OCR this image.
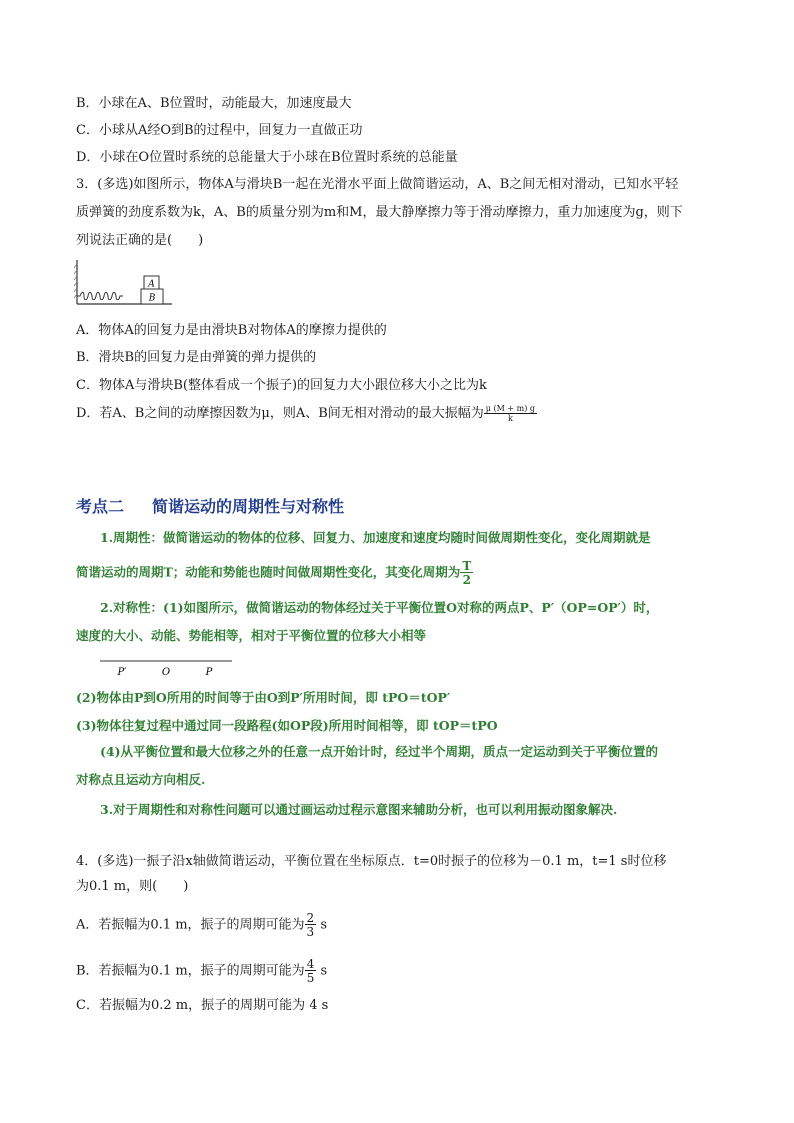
B．小球在A、B位置时，动能最大，加速度最大
C．小球从A经O到B的过程中，回复力一直做正功
D．小球在O位置时系统的总能量大于小球在B位置时系统的总能量
3．(多选)如图所示，物体A与滑块B一起在光滑水平面上做简谐运动，A、B之间无相对滑动，已知水平轻
质弹簧的劲度系数为k，A、B的质量分别为m和M，最大静摩擦力等于滑动摩擦力，重力加速度为g，则下
列说法正确的是(　　)
A
B
A．物体A的回复力是由滑块B对物体A的摩擦力提供的
B．滑块B的回复力是由弹簧的弹力提供的
C．物体A与滑块B(整体看成一个振子)的回复力大小跟位移大小之比为k
D．若A、B之间的动摩擦因数为μ，则A、B间无相对滑动的最大振幅为 $\frac{\mu (M + m) g}{k}$
考点二 简谐运动的周期性与对称性
1.周期性：做简谐运动的物体的位移、回复力、加速度和速度均随时间做周期性变化，变化周期就是
简谐运动的周期T；动能和势能也随时间做周期性变化，其变化周期为 $\frac{T}{2}$
2.对称性：(1)如图所示，做简谐运动的物体经过关于平衡位置O对称的两点P、P′（OP=OP′）时，
速度的大小、动能、势能相等，相对于平衡位置的位移大小相等
P′	O	P
(2)物体由P到O所用的时间等于由O到P′所用时间，即 tPO＝tOP′
(3)物体往复过程中通过同一段路程(如OP段)所用时间相等，即 tOP＝tPO
(4)从平衡位置和最大位移之外的任意一点开始计时，经过半个周期，质点一定运动到关于平衡位置的
对称点且运动方向相反.
3.对于周期性和对称性问题可以通过画运动过程示意图来辅助分析，也可以利用振动图象解决.
4．(多选)一振子沿x轴做简谐运动，平衡位置在坐标原点．t=0时振子的位移为－0.1 m，t=1 s时位移
为0.1 m，则(　　)
A．若振幅为0.1 m，振子的周期可能为 $\frac{2}{3}$ s
B．若振幅为0.1 m，振子的周期可能为 $\frac{4}{5}$ s
C．若振幅为0.2 m，振子的周期可能为 4 s
